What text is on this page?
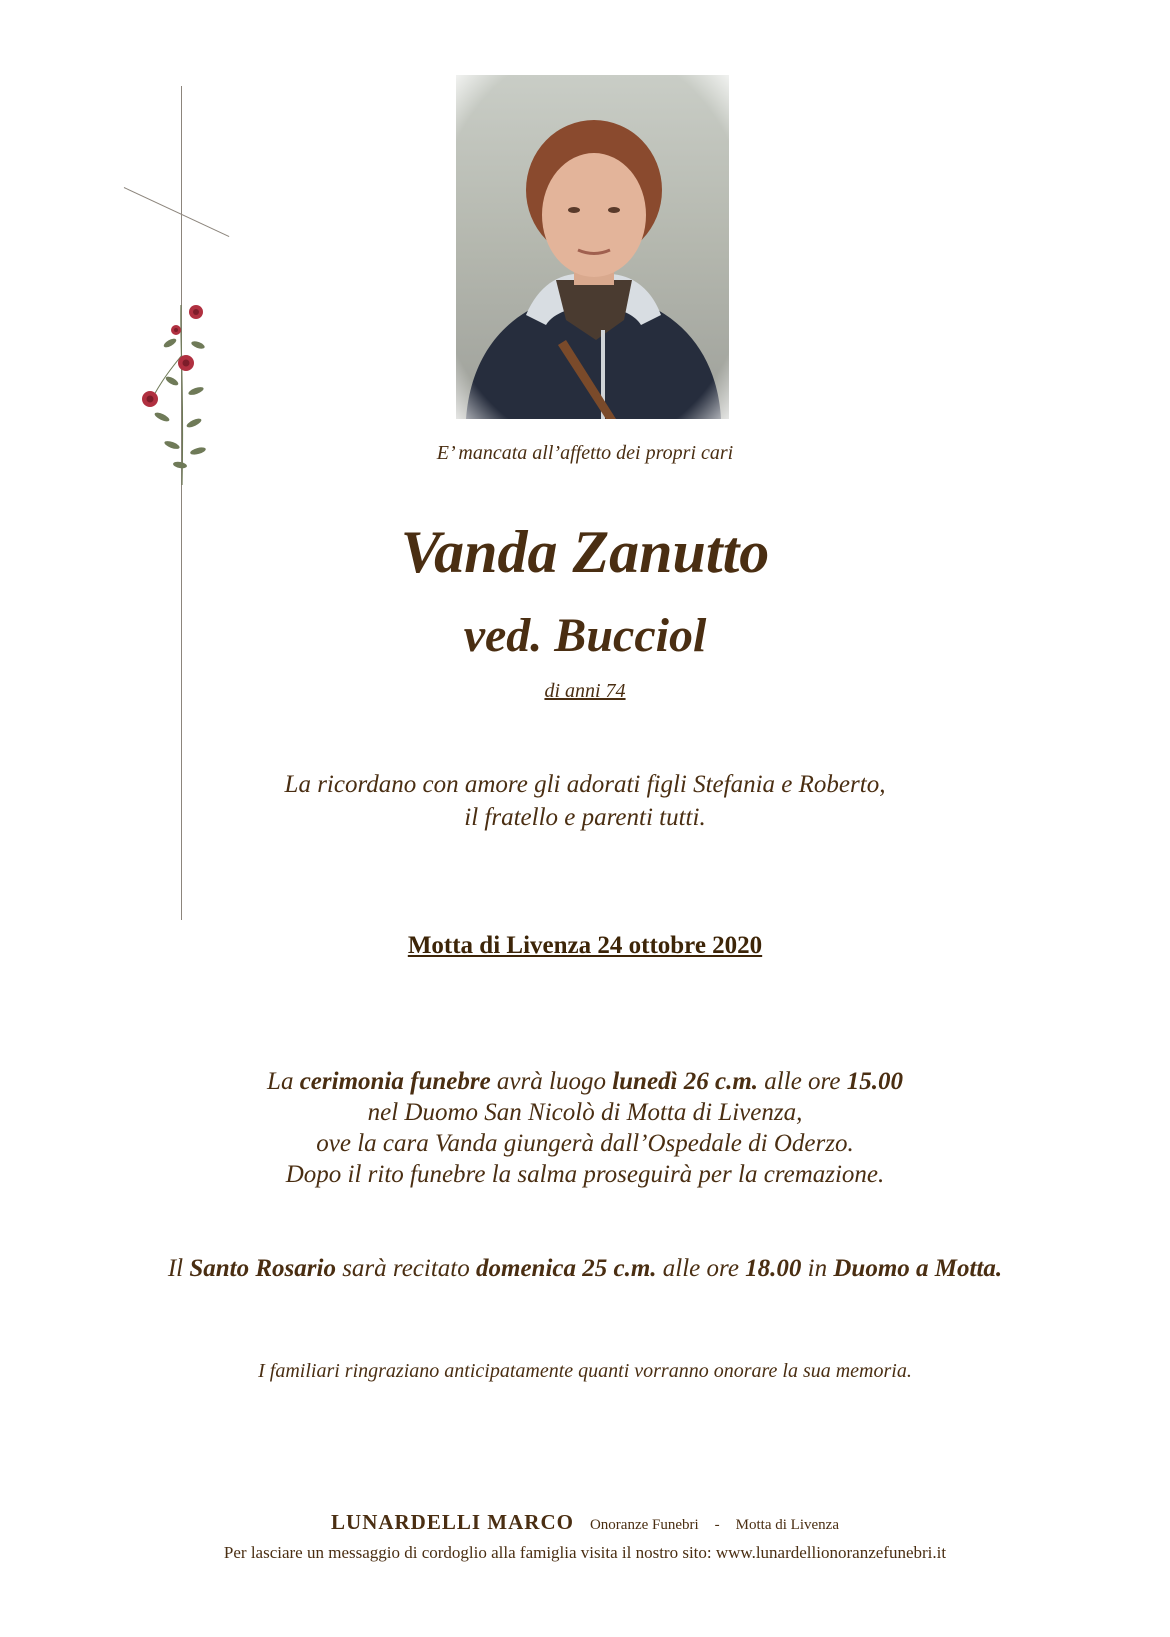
E’ mancata all’affetto dei propri cari
Vanda Zanutto
ved. Bucciol
di anni 74
La ricordano con amore gli adorati figli Stefania e Roberto,
il fratello e parenti tutti.
Motta di Livenza 24 ottobre 2020
La cerimonia funebre avrà luogo lunedì 26 c.m. alle ore 15.00
nel Duomo San Nicolò di Motta di Livenza,
ove la cara Vanda giungerà dall’Ospedale di Oderzo.
Dopo il rito funebre la salma proseguirà per la cremazione.
Il Santo Rosario sarà recitato domenica 25 c.m. alle ore 18.00 in Duomo a Motta.
I familiari ringraziano anticipatamente quanti vorranno onorare la sua memoria.
LUNARDELLI MARCO Onoranze Funebri - Motta di Livenza
Per lasciare un messaggio di cordoglio alla famiglia visita il nostro sito: www.lunardellionoranzefunebri.it
